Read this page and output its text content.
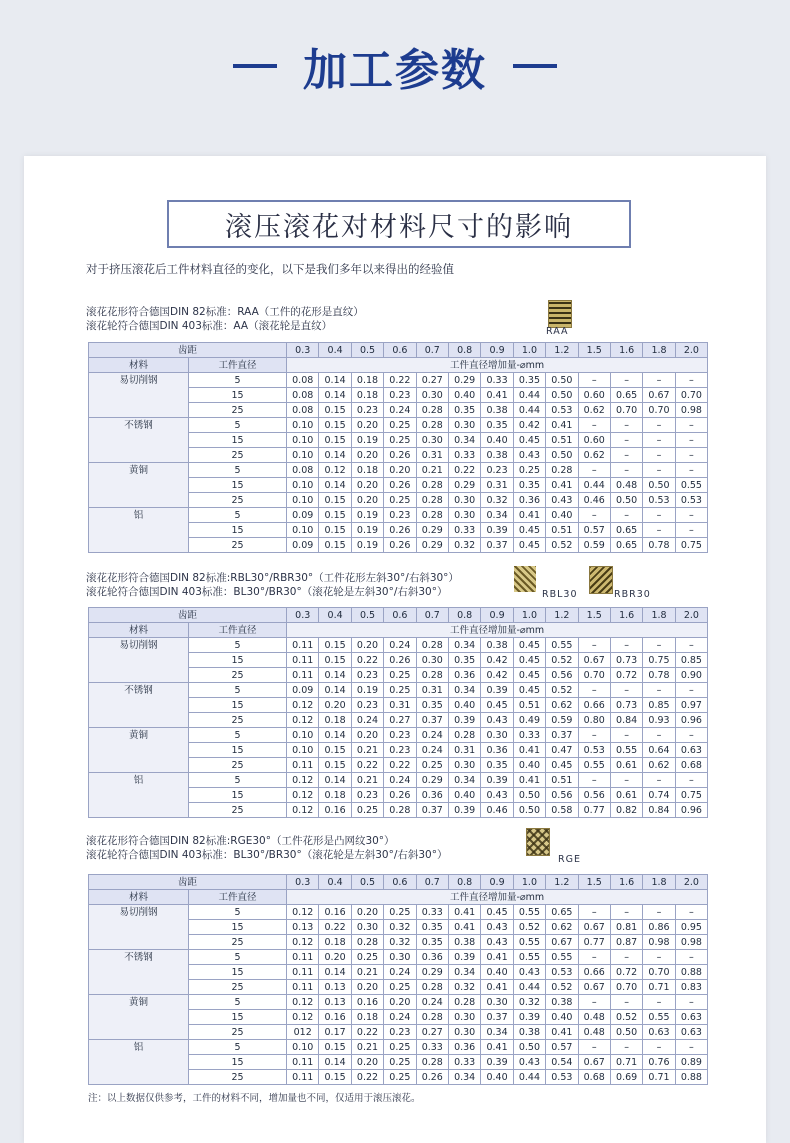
加工参数
滚压滚花对材料尺寸的影响
对于挤压滚花后工件材料直径的变化，以下是我们多年以来得出的经验值
滚花花形符合德国DIN 82标准：RAA（工件的花形是直纹）
滚花轮符合德国DIN 403标准：AA（滚花轮是直纹）	RAA
齿距		0.3	0.4	0.5	0.6	0.7	0.8	0.9	1.0	1.2	1.5	1.6	1.8	2.0
材料	工件直径	工件直径增加量-⌀mm												
易切削钢	5	0.08	0.14	0.18	0.22	0.27	0.29	0.33	0.35	0.50	–	–	–	–
	15	0.08	0.14	0.18	0.23	0.30	0.40	0.41	0.44	0.50	0.60	0.65	0.67	0.70
	25	0.08	0.15	0.23	0.24	0.28	0.35	0.38	0.44	0.53	0.62	0.70	0.70	0.98
不锈钢	5	0.10	0.15	0.20	0.25	0.28	0.30	0.35	0.42	0.41	–	–	–	–
	15	0.10	0.15	0.19	0.25	0.30	0.34	0.40	0.45	0.51	0.60	–	–	–
	25	0.10	0.14	0.20	0.26	0.31	0.33	0.38	0.43	0.50	0.62	–	–	–
黄铜	5	0.08	0.12	0.18	0.20	0.21	0.22	0.23	0.25	0.28	–	–	–	–
	15	0.10	0.14	0.20	0.26	0.28	0.29	0.31	0.35	0.41	0.44	0.48	0.50	0.55
	25	0.10	0.15	0.20	0.25	0.28	0.30	0.32	0.36	0.43	0.46	0.50	0.53	0.53
铝	5	0.09	0.15	0.19	0.23	0.28	0.30	0.34	0.41	0.40	–	–	–	–
	15	0.10	0.15	0.19	0.26	0.29	0.33	0.39	0.45	0.51	0.57	0.65	–	–
	25	0.09	0.15	0.19	0.26	0.29	0.32	0.37	0.45	0.52	0.59	0.65	0.78	0.75
滚花花形符合德国DIN 82标准:RBL30°/RBR30°（工件花形左斜30°/右斜30°）
滚花轮符合德国DIN 403标准：BL30°/BR30°（滚花轮是左斜30°/右斜30°）	RBL30	RBR30
齿距		0.3	0.4	0.5	0.6	0.7	0.8	0.9	1.0	1.2	1.5	1.6	1.8	2.0
材料	工件直径	工件直径增加量-⌀mm												
易切削钢	5	0.11	0.15	0.20	0.24	0.28	0.34	0.38	0.45	0.55	–	–	–	–
	15	0.11	0.15	0.22	0.26	0.30	0.35	0.42	0.45	0.52	0.67	0.73	0.75	0.85
	25	0.11	0.14	0.23	0.25	0.28	0.36	0.42	0.45	0.56	0.70	0.72	0.78	0.90
不锈钢	5	0.09	0.14	0.19	0.25	0.31	0.34	0.39	0.45	0.52	–	–	–	–
	15	0.12	0.20	0.23	0.31	0.35	0.40	0.45	0.51	0.62	0.66	0.73	0.85	0.97
	25	0.12	0.18	0.24	0.27	0.37	0.39	0.43	0.49	0.59	0.80	0.84	0.93	0.96
黄铜	5	0.10	0.14	0.20	0.23	0.24	0.28	0.30	0.33	0.37	–	–	–	–
	15	0.10	0.15	0.21	0.23	0.24	0.31	0.36	0.41	0.47	0.53	0.55	0.64	0.63
	25	0.11	0.15	0.22	0.22	0.25	0.30	0.35	0.40	0.45	0.55	0.61	0.62	0.68
铝	5	0.12	0.14	0.21	0.24	0.29	0.34	0.39	0.41	0.51	–	–	–	–
	15	0.12	0.18	0.23	0.26	0.36	0.40	0.43	0.50	0.56	0.56	0.61	0.74	0.75
	25	0.12	0.16	0.25	0.28	0.37	0.39	0.46	0.50	0.58	0.77	0.82	0.84	0.96
滚花花形符合德国DIN 82标准:RGE30°（工件花形是凸网纹30°）
滚花轮符合德国DIN 403标准：BL30°/BR30°（滚花轮是左斜30°/右斜30°）	RGE
齿距		0.3	0.4	0.5	0.6	0.7	0.8	0.9	1.0	1.2	1.5	1.6	1.8	2.0
材料	工件直径	工件直径增加量-⌀mm												
易切削钢	5	0.12	0.16	0.20	0.25	0.33	0.41	0.45	0.55	0.65	–	–	–	–
	15	0.13	0.22	0.30	0.32	0.35	0.41	0.43	0.52	0.62	0.67	0.81	0.86	0.95
	25	0.12	0.18	0.28	0.32	0.35	0.38	0.43	0.55	0.67	0.77	0.87	0.98	0.98
不锈钢	5	0.11	0.20	0.25	0.30	0.36	0.39	0.41	0.55	0.55	–	–	–	–
	15	0.11	0.14	0.21	0.24	0.29	0.34	0.40	0.43	0.53	0.66	0.72	0.70	0.88
	25	0.11	0.13	0.20	0.25	0.28	0.32	0.41	0.44	0.52	0.67	0.70	0.71	0.83
黄铜	5	0.12	0.13	0.16	0.20	0.24	0.28	0.30	0.32	0.38	–	–	–	–
	15	0.12	0.16	0.18	0.24	0.28	0.30	0.37	0.39	0.40	0.48	0.52	0.55	0.63
	25	012	0.17	0.22	0.23	0.27	0.30	0.34	0.38	0.41	0.48	0.50	0.63	0.63
铝	5	0.10	0.15	0.21	0.25	0.33	0.36	0.41	0.50	0.57	–	–	–	–
	15	0.11	0.14	0.20	0.25	0.28	0.33	0.39	0.43	0.54	0.67	0.71	0.76	0.89
	25	0.11	0.15	0.22	0.25	0.26	0.34	0.40	0.44	0.53	0.68	0.69	0.71	0.88
注：以上数据仅供参考，工件的材料不同，增加量也不同，仅适用于滚压滚花。
